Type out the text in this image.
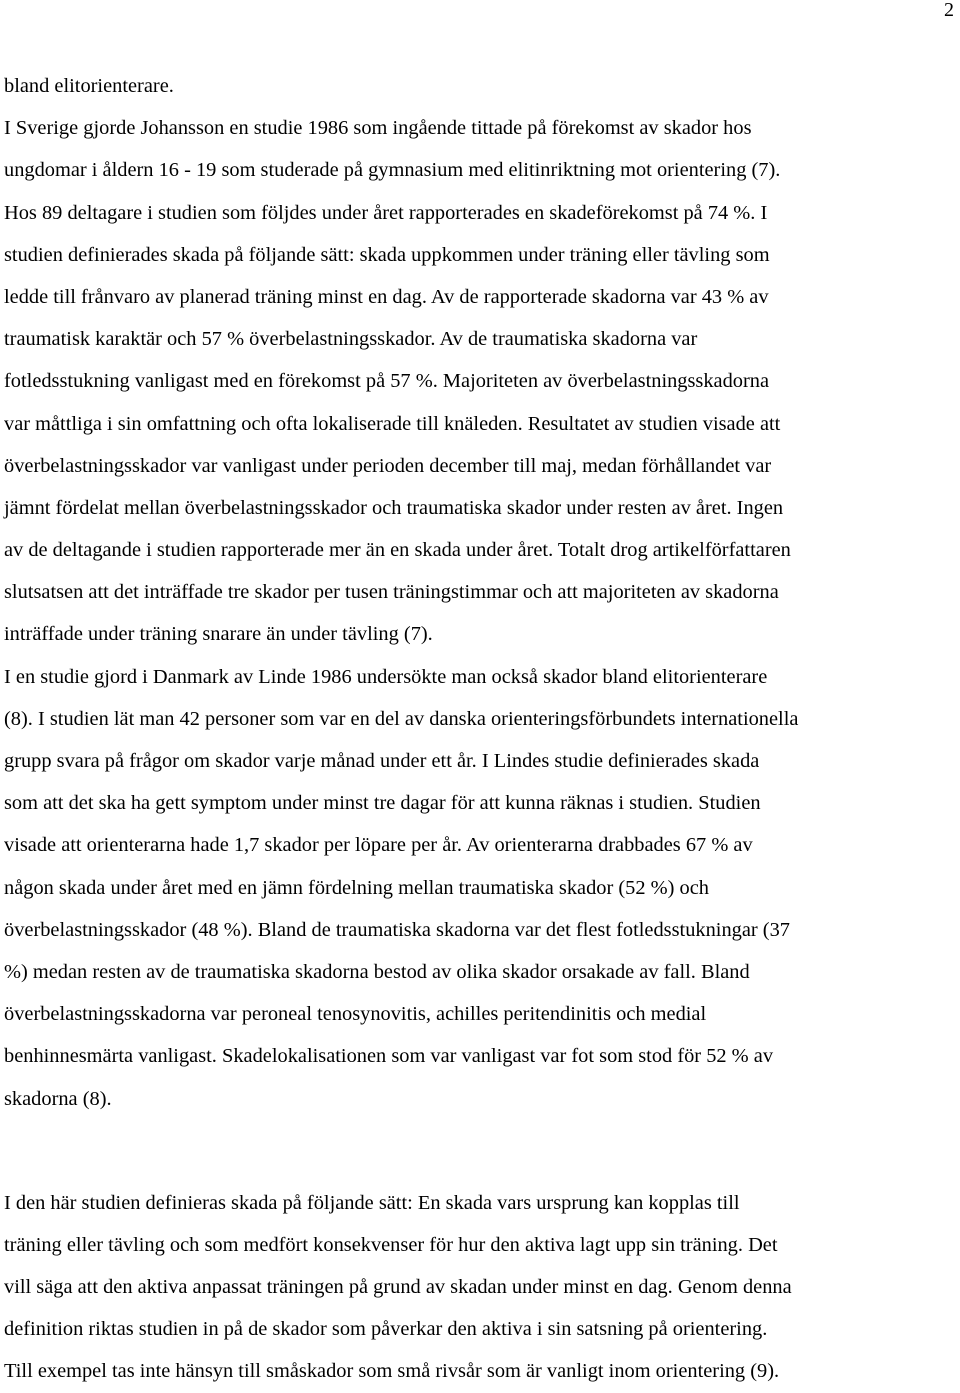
2
bland elitorienterare.
I Sverige gjorde Johansson en studie 1986 som ingående tittade på förekomst av skador hos
ungdomar i åldern 16 - 19 som studerade på gymnasium med elitinriktning mot orientering (7).
Hos 89 deltagare i studien som följdes under året rapporterades en skadeförekomst på 74 %. I
studien definierades skada på följande sätt: skada uppkommen under träning eller tävling som
ledde till frånvaro av planerad träning minst en dag. Av de rapporterade skadorna var 43 % av
traumatisk karaktär och 57 % överbelastningsskador. Av de traumatiska skadorna var
fotledsstukning vanligast med en förekomst på 57 %. Majoriteten av överbelastningsskadorna
var måttliga i sin omfattning och ofta lokaliserade till knäleden. Resultatet av studien visade att
överbelastningsskador var vanligast under perioden december till maj, medan förhållandet var
jämnt fördelat mellan överbelastningsskador och traumatiska skador under resten av året. Ingen
av de deltagande i studien rapporterade mer än en skada under året. Totalt drog artikelförfattaren
slutsatsen att det inträffade tre skador per tusen träningstimmar och att majoriteten av skadorna
inträffade under träning snarare än under tävling (7).
I en studie gjord i Danmark av Linde 1986 undersökte man också skador bland elitorienterare
(8). I studien lät man 42 personer som var en del av danska orienteringsförbundets internationella
grupp svara på frågor om skador varje månad under ett år. I Lindes studie definierades skada
som att det ska ha gett symptom under minst tre dagar för att kunna räknas i studien. Studien
visade att orienterarna hade 1,7 skador per löpare per år. Av orienterarna drabbades 67 % av
någon skada under året med en jämn fördelning mellan traumatiska skador (52 %) och
överbelastningsskador (48 %). Bland de traumatiska skadorna var det flest fotledsstukningar (37
%) medan resten av de traumatiska skadorna bestod av olika skador orsakade av fall. Bland
överbelastningsskadorna var peroneal tenosynovitis, achilles peritendinitis och medial
benhinnesmärta vanligast. Skadelokalisationen som var vanligast var fot som stod för 52 % av
skadorna (8).
I den här studien definieras skada på följande sätt: En skada vars ursprung kan kopplas till
träning eller tävling och som medfört konsekvenser för hur den aktiva lagt upp sin träning. Det
vill säga att den aktiva anpassat träningen på grund av skadan under minst en dag. Genom denna
definition riktas studien in på de skador som påverkar den aktiva i sin satsning på orientering.
Till exempel tas inte hänsyn till småskador som små rivsår som är vanligt inom orientering (9).
